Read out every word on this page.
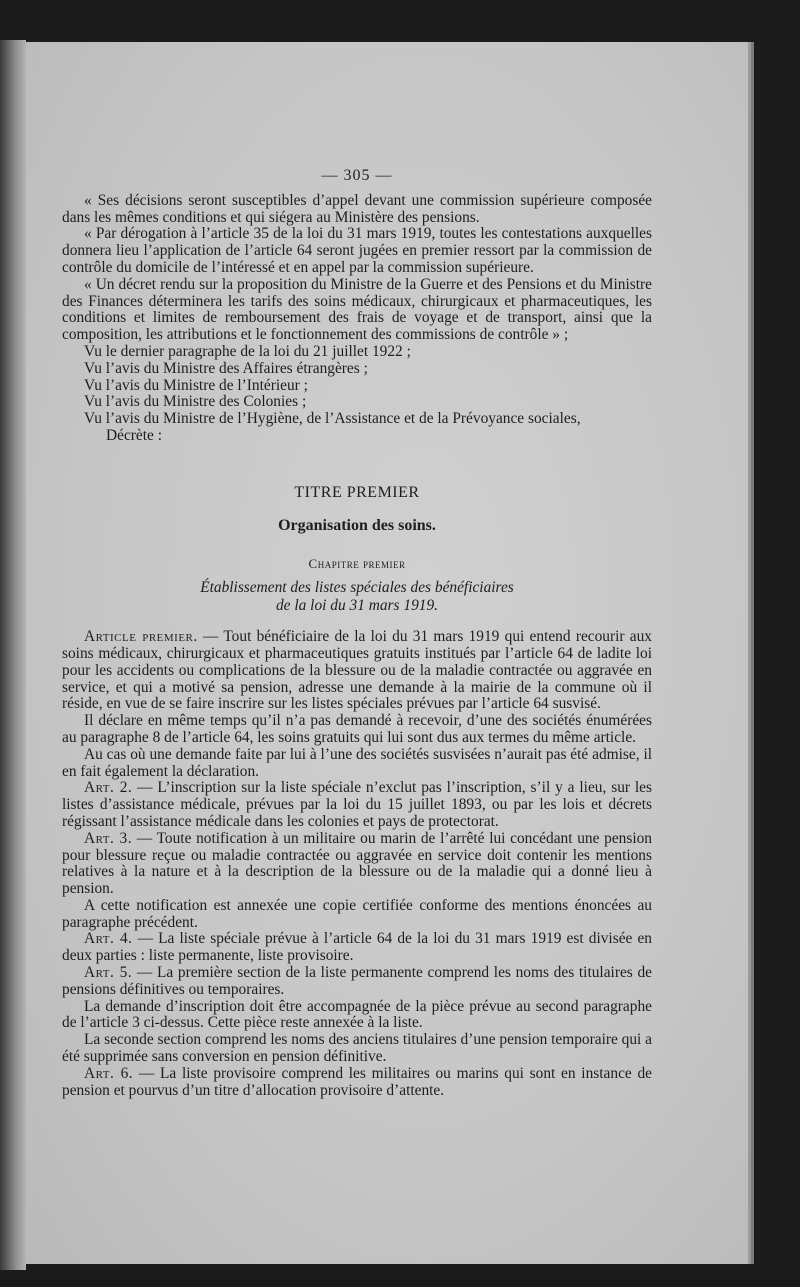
— 305 —

« Ses décisions seront susceptibles d’appel devant une commission supérieure composée dans les mêmes conditions et qui siégera au Ministère des pensions.

« Par dérogation à l’article 35 de la loi du 31 mars 1919, toutes les contestations auxquelles donnera lieu l’application de l’article 64 seront jugées en premier ressort par la commission de contrôle du domicile de l’intéressé et en appel par la commission supérieure.

« Un décret rendu sur la proposition du Ministre de la Guerre et des Pensions et du Ministre des Finances déterminera les tarifs des soins médicaux, chirurgicaux et pharmaceutiques, les conditions et limites de remboursement des frais de voyage et de transport, ainsi que la composition, les attributions et le fonctionnement des commissions de contrôle » ;

Vu le dernier paragraphe de la loi du 21 juillet 1922 ;

Vu l’avis du Ministre des Affaires étrangères ;

Vu l’avis du Ministre de l’Intérieur ;

Vu l’avis du Ministre des Colonies ;

Vu l’avis du Ministre de l’Hygiène, de l’Assistance et de la Prévoyance sociales,

Décrète :

TITRE PREMIER
Organisation des soins.
Chapitre premier
Établissement des listes spéciales des bénéficiaires
de la loi du 31 mars 1919.

Article premier. — Tout bénéficiaire de la loi du 31 mars 1919 qui entend recourir aux soins médicaux, chirurgicaux et pharmaceutiques gratuits institués par l’article 64 de ladite loi pour les accidents ou complications de la blessure ou de la maladie contractée ou aggravée en service, et qui a motivé sa pension, adresse une demande à la mairie de la commune où il réside, en vue de se faire inscrire sur les listes spéciales prévues par l’article 64 susvisé.

Il déclare en même temps qu’il n’a pas demandé à recevoir, d’une des sociétés énumérées au paragraphe 8 de l’article 64, les soins gratuits qui lui sont dus aux termes du même article.

Au cas où une demande faite par lui à l’une des sociétés susvisées n’aurait pas été admise, il en fait également la déclaration.

Art. 2. — L’inscription sur la liste spéciale n’exclut pas l’inscription, s’il y a lieu, sur les listes d’assistance médicale, prévues par la loi du 15 juillet 1893, ou par les lois et décrets régissant l’assistance médicale dans les colonies et pays de protectorat.

Art. 3. — Toute notification à un militaire ou marin de l’arrêté lui concédant une pension pour blessure reçue ou maladie contractée ou aggravée en service doit contenir les mentions relatives à la nature et à la description de la blessure ou de la maladie qui a donné lieu à pension.

A cette notification est annexée une copie certifiée conforme des mentions énoncées au paragraphe précédent.

Art. 4. — La liste spéciale prévue à l’article 64 de la loi du 31 mars 1919 est divisée en deux parties : liste permanente, liste provisoire.

Art. 5. — La première section de la liste permanente comprend les noms des titulaires de pensions définitives ou temporaires.

La demande d’inscription doit être accompagnée de la pièce prévue au second paragraphe de l’article 3 ci-dessus. Cette pièce reste annexée à la liste.

La seconde section comprend les noms des anciens titulaires d’une pension temporaire qui a été supprimée sans conversion en pension définitive.

Art. 6. — La liste provisoire comprend les militaires ou marins qui sont en instance de pension et pourvus d’un titre d’allocation provisoire d’attente.
